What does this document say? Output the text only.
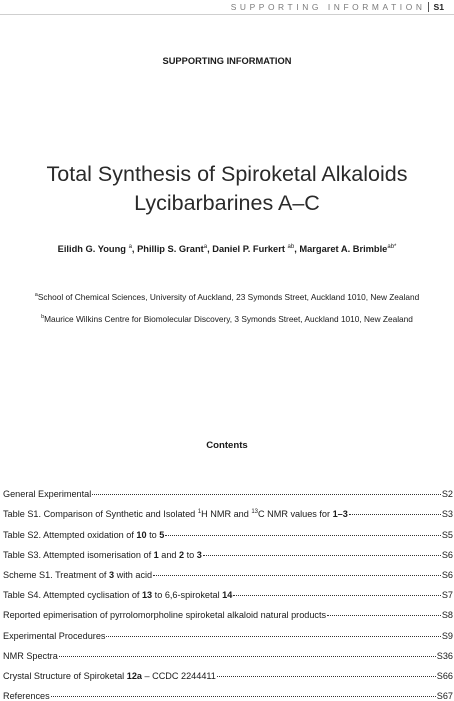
SUPPORTING INFORMATION S1
SUPPORTING INFORMATION
Total Synthesis of Spiroketal Alkaloids
Lycibarbarines A–C
Eilidh G. Young $^a$, Phillip S. Grant$^a$, Daniel P. Furkert $^{ab}$, Margaret A. Brimble$^{ab*}$
$^a$School of Chemical Sciences, University of Auckland, 23 Symonds Street, Auckland 1010, New Zealand
$^b$Maurice Wilkins Centre for Biomolecular Discovery, 3 Symonds Street, Auckland 1010, New Zealand
Contents
General Experimental	S2
Table S1. Comparison of Synthetic and Isolated $^1$H NMR and $^{13}$C NMR values for 1–3	S3
Table S2. Attempted oxidation of 10 to 5	S5
Table S3. Attempted isomerisation of 1 and 2 to 3	S6
Scheme S1. Treatment of 3 with acid	S6
Table S4. Attempted cyclisation of 13 to 6,6-spiroketal 14	S7
Reported epimerisation of pyrrolomorpholine spiroketal alkaloid natural products	S8
Experimental Procedures	S9
NMR Spectra	S36
Crystal Structure of Spiroketal 12a – CCDC 2244411	S66
References	S67
